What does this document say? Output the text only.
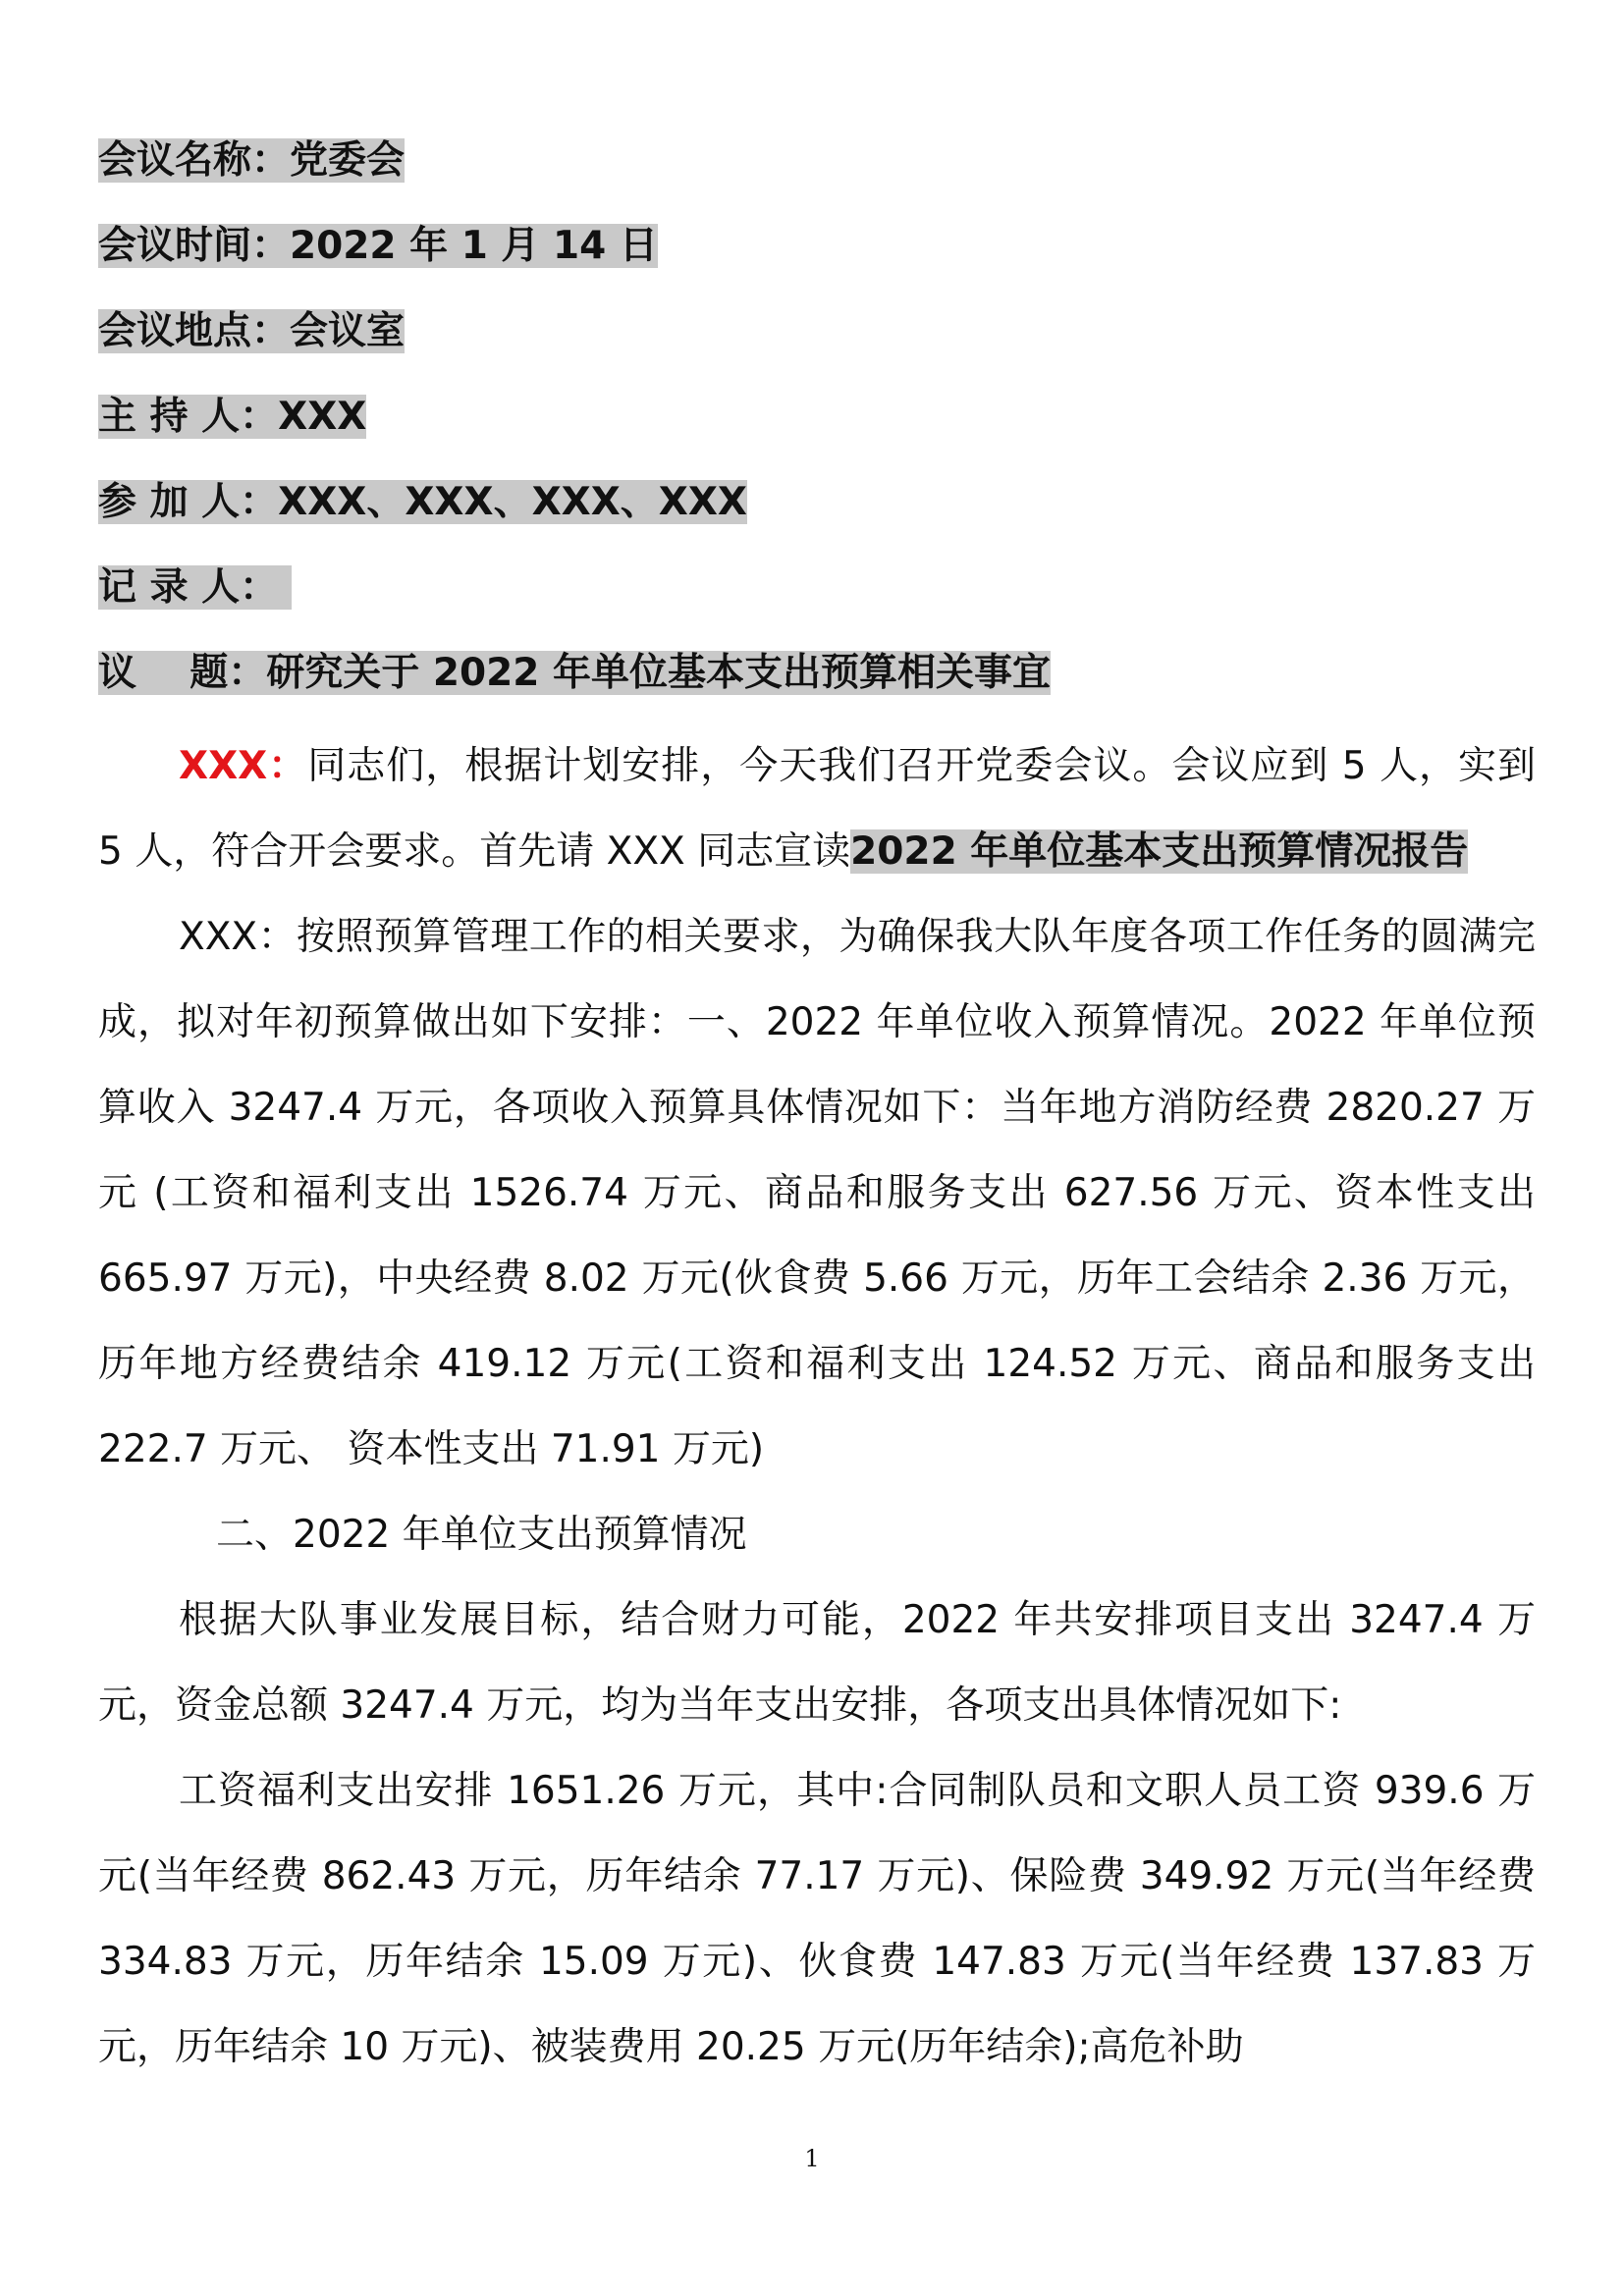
会议名称：党委会
会议时间：2022 年 1 月 14 日
会议地点：会议室
主 持 人：XXX
参 加 人：XXX、XXX、XXX、XXX
记 录 人：
议    题：研究关于 2022 年单位基本支出预算相关事宜

XXX：同志们，根据计划安排，今天我们召开党委会议。会议应到 5 人，实到 5 人，符合开会要求。首先请 XXX 同志宣读2022 年单位基本支出预算情况报告

XXX：按照预算管理工作的相关要求，为确保我大队年度各项工作任务的圆满完成，拟对年初预算做出如下安排：一、2022 年单位收入预算情况。2022 年单位预算收入 3247.4 万元，各项收入预算具体情况如下：当年地方消防经费 2820.27 万元 (工资和福利支出 1526.74 万元、商品和服务支出 627.56 万元、资本性支出 665.97 万元)，中央经费 8.02 万元(伙食费 5.66 万元，历年工会结余 2.36 万元，历年地方经费结余 419.12 万元(工资和福利支出 124.52 万元、商品和服务支出 222.7 万元、 资本性支出 71.91 万元)

二、2022 年单位支出预算情况

根据大队事业发展目标，结合财力可能，2022 年共安排项目支出 3247.4 万元，资金总额 3247.4 万元，均为当年支出安排，各项支出具体情况如下:

工资福利支出安排 1651.26 万元，其中:合同制队员和文职人员工资 939.6 万元(当年经费 862.43 万元，历年结余 77.17 万元)、保险费 349.92 万元(当年经费 334.83 万元，历年结余 15.09 万元)、伙食费 147.83 万元(当年经费 137.83 万元，历年结余 10 万元)、被装费用 20.25 万元(历年结余);高危补助

1
